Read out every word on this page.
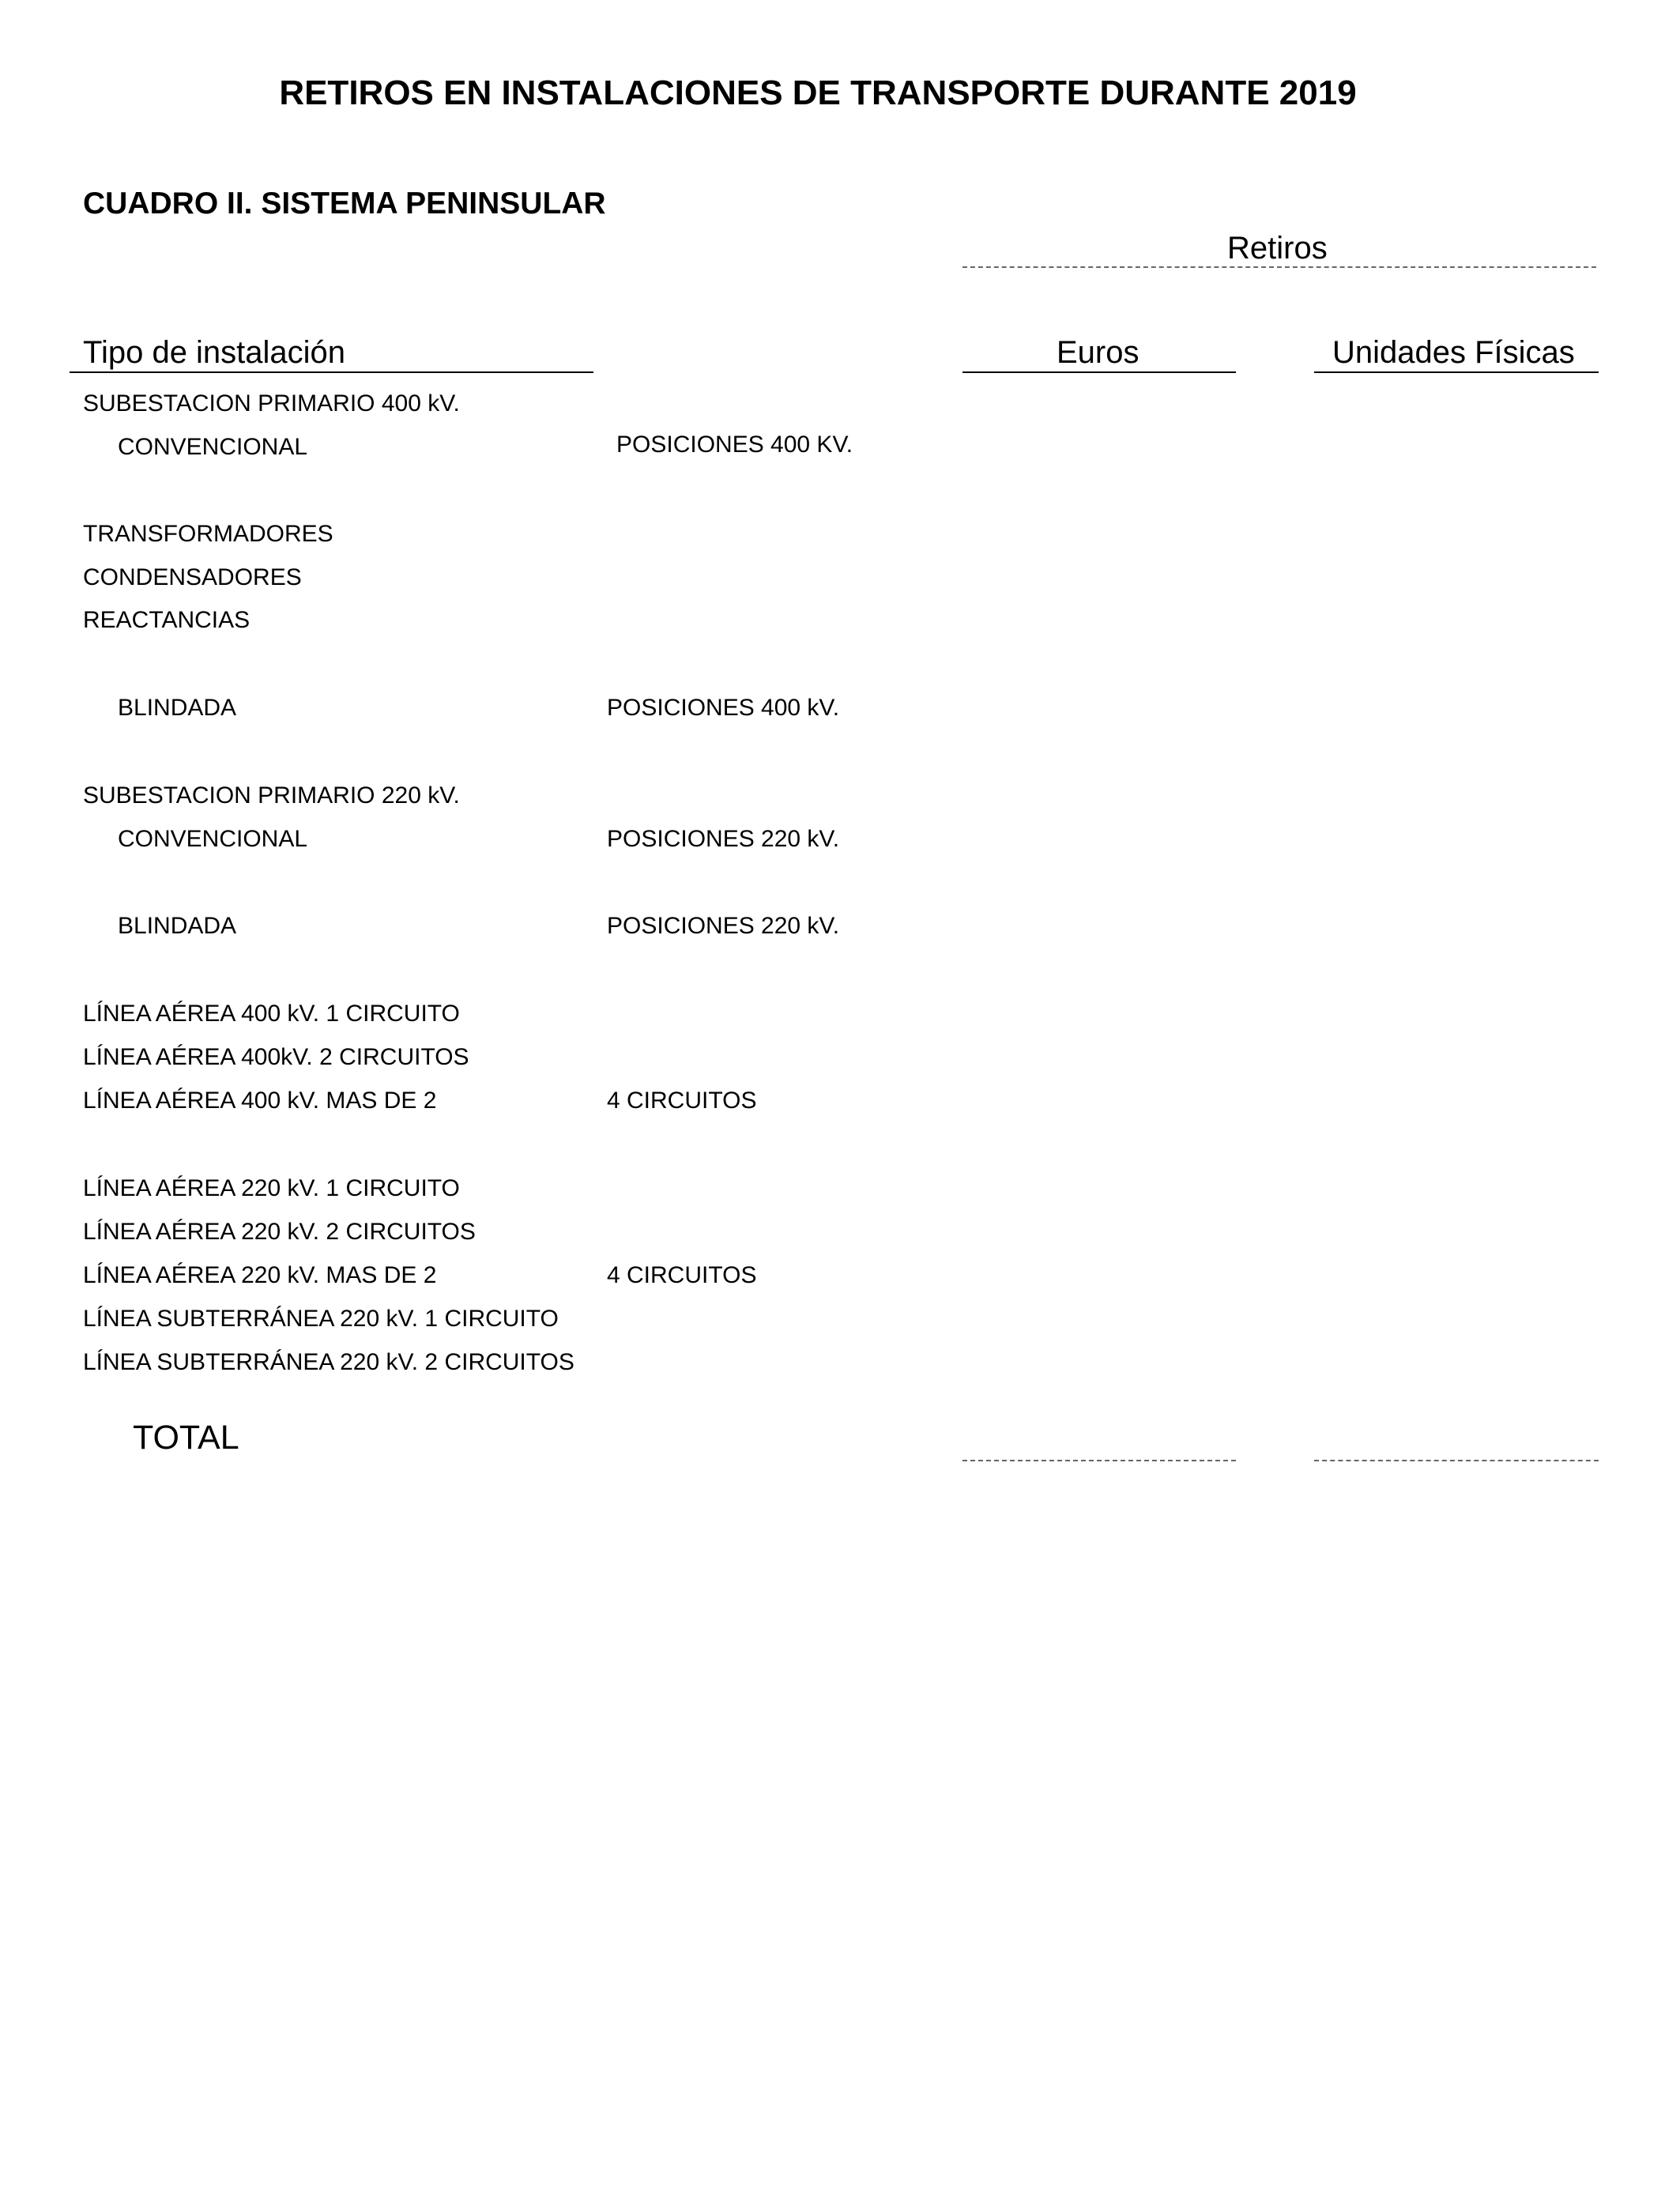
RETIROS EN INSTALACIONES DE TRANSPORTE DURANTE 2019
CUADRO II. SISTEMA PENINSULAR
Retiros
Tipo de instalación	Euros	Unidades Físicas
SUBESTACION PRIMARIO 400 kV.
CONVENCIONAL	POSICIONES 400 KV.
TRANSFORMADORES
CONDENSADORES
REACTANCIAS
BLINDADA	POSICIONES 400 kV.
SUBESTACION PRIMARIO 220 kV.
CONVENCIONAL	POSICIONES 220 kV.
BLINDADA	POSICIONES 220 kV.
LÍNEA AÉREA 400 kV. 1 CIRCUITO
LÍNEA AÉREA 400kV. 2 CIRCUITOS
LÍNEA AÉREA 400 kV. MAS DE 2	4 CIRCUITOS
LÍNEA AÉREA 220 kV. 1 CIRCUITO
LÍNEA AÉREA 220 kV. 2 CIRCUITOS
LÍNEA AÉREA 220 kV. MAS DE 2	4 CIRCUITOS
LÍNEA SUBTERRÁNEA 220 kV. 1 CIRCUITO
LÍNEA SUBTERRÁNEA 220 kV. 2 CIRCUITOS
TOTAL
